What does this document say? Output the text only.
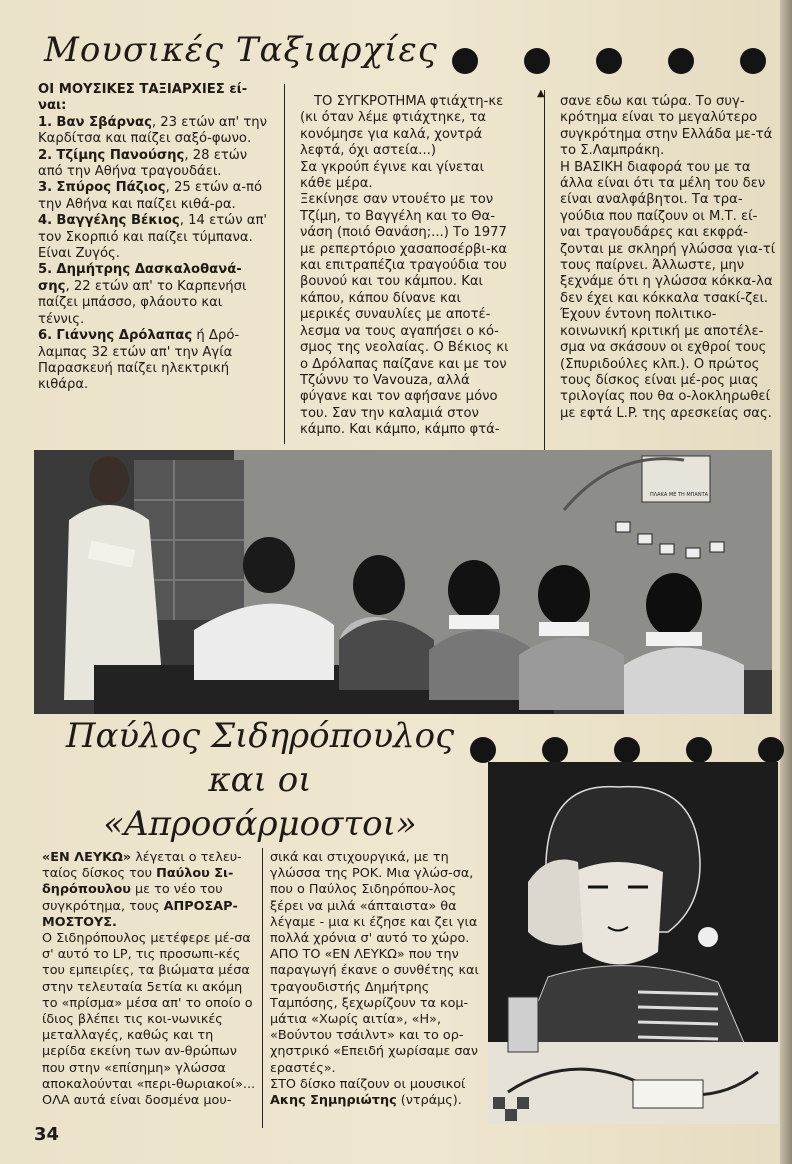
Μουσικές Ταξιαρχίες

ΟΙ ΜΟΥΣΙΚΕΣ ΤΑΞΙΑΡΧΙΕΣ εί-ναι:

1. Βαν Σβάρνας, 23 ετών απ' την Καρδίτσα και παίζει σαξό-φωνο.

2. Τζίμης Πανούσης, 28 ετών από την Αθήνα τραγουδάει.

3. Σπύρος Πάζιος, 25 ετών α-πό την Αθήνα και παίζει κιθά-ρα.

4. Βαγγέλης Βέκιος, 14 ετών απ' τον Σκορπιό και παίζει τύμπανα. Είναι Ζυγός.

5. Δημήτρης Δασκαλοθανά-σης, 22 ετών απ' το Καρπενήσι παίζει μπάσσο, φλάουτο και τέννις.

6. Γιάννης Δρόλαπας ή Δρό-λαμπας 32 ετών απ' την Αγία Παρασκευή παίζει ηλεκτρική κιθάρα.

ΤΟ ΣΥΓΚΡΟΤΗΜΑ φτιάχτη-κε (κι όταν λέμε φτιάχτηκε, τα κονόμησε για καλά, χοντρά λεφτά, όχι αστεία...)

Σα γκρούπ έγινε και γίνεται κάθε μέρα.

Ξεκίνησε σαν ντουέτο με τον Τζίμη, το Βαγγέλη και το Θα-νάση (ποιό Θανάση;...) Το 1977 με ρεπερτόριο χασαποσέρβι-κα και επιτραπέζια τραγούδια του βουνού και του κάμπου. Και κάπου, κάπου δίνανε και μερικές συναυλίες με αποτέ-λεσμα να τους αγαπήσει ο κό-σμος της νεολαίας. Ο Βέκιος κι ο Δρόλαπας παίζανε και με τον Τζώννυ το Vavouza, αλλά φύγανε και τον αφήσανε μόνο του. Σαν την καλαμιά στον κάμπο. Και κάμπο, κάμπο φτά-

▲

σανε εδω και τώρα. Το συγ-κρότημα είναι το μεγαλύτερο συγκρότημα στην Ελλάδα με-τά το Σ.Λαμπράκη.

Η ΒΑΣΙΚΗ διαφορά του με τα άλλα είναι ότι τα μέλη του δεν είναι αναλφάβητοι. Τα τρα-γούδια που παίζουν οι Μ.Τ. εί-ναι τραγουδάρες και εκφρά-ζονται με σκληρή γλώσσα για-τί τους παίρνει. Άλλωστε, μην ξεχνάμε ότι η γλώσσα κόκκα-λα δεν έχει και κόκκαλα τσακί-ζει. Έχουν έντονη πολιτικο-κοινωνική κριτική με αποτέλε-σμα να σκάσουν οι εχθροί τους (Σπυριδούλες κλπ.). Ο πρώτος τους δίσκος είναι μέ-ρος μιας τριλογίας που θα ο-λοκληρωθεί με εφτά L.P. της αρεσκείας σας.

ΠΛΑΚΑ ΜΕ ΤΗ ΜΠΑΝΤΑ
Παύλος Σιδηρόπουλος
και οι
«Απροσάρμοστοι»

«ΕΝ ΛΕΥΚΩ» λέγεται ο τελευ-ταίος δίσκος του Παύλου Σι-δηρόπουλου με το νέο του συγκρότημα, τους ΑΠΡΟΣΑΡ-ΜΟΣΤΟΥΣ.

Ο Σιδηρόπουλος μετέφερε μέ-σα σ' αυτό το LP, τις προσωπι-κές του εμπειρίες, τα βιώματα μέσα στην τελευταία 5ετία κι ακόμη το «πρίσμα» μέσα απ' το οποίο ο ίδιος βλέπει τις κοι-νωνικές μεταλλαγές, καθώς και τη μερίδα εκείνη των αν-θρώπων που στην «επίσημη» γλώσσα αποκαλούνται «περι-θωριακοί»...

ΟΛΑ αυτά είναι δοσμένα μου-

σικά και στιχουργικά, με τη γλώσσα της ΡΟΚ. Μια γλώσ-σα, που ο Παύλος Σιδηρόπου-λος ξέρει να μιλά «άπταιστα» θα λέγαμε - μια κι έζησε και ζει για πολλά χρόνια σ' αυτό το χώρο.

ΑΠΟ ΤΟ «ΕΝ ΛΕΥΚΩ» που την παραγωγή έκανε ο συνθέτης και τραγουδιστής Δημήτρης Ταμπόσης, ξεχωρίζουν τα κομ-μάτια «Χωρίς αιτία», «Η», «Βούντου τσάιλντ» και το ορ-χηστρικό «Επειδή χωρίσαμε σαν εραστές».

ΣΤΟ δίσκο παίζουν οι μουσικοί Ακης Σημηριώτης (ντράμς).

34
